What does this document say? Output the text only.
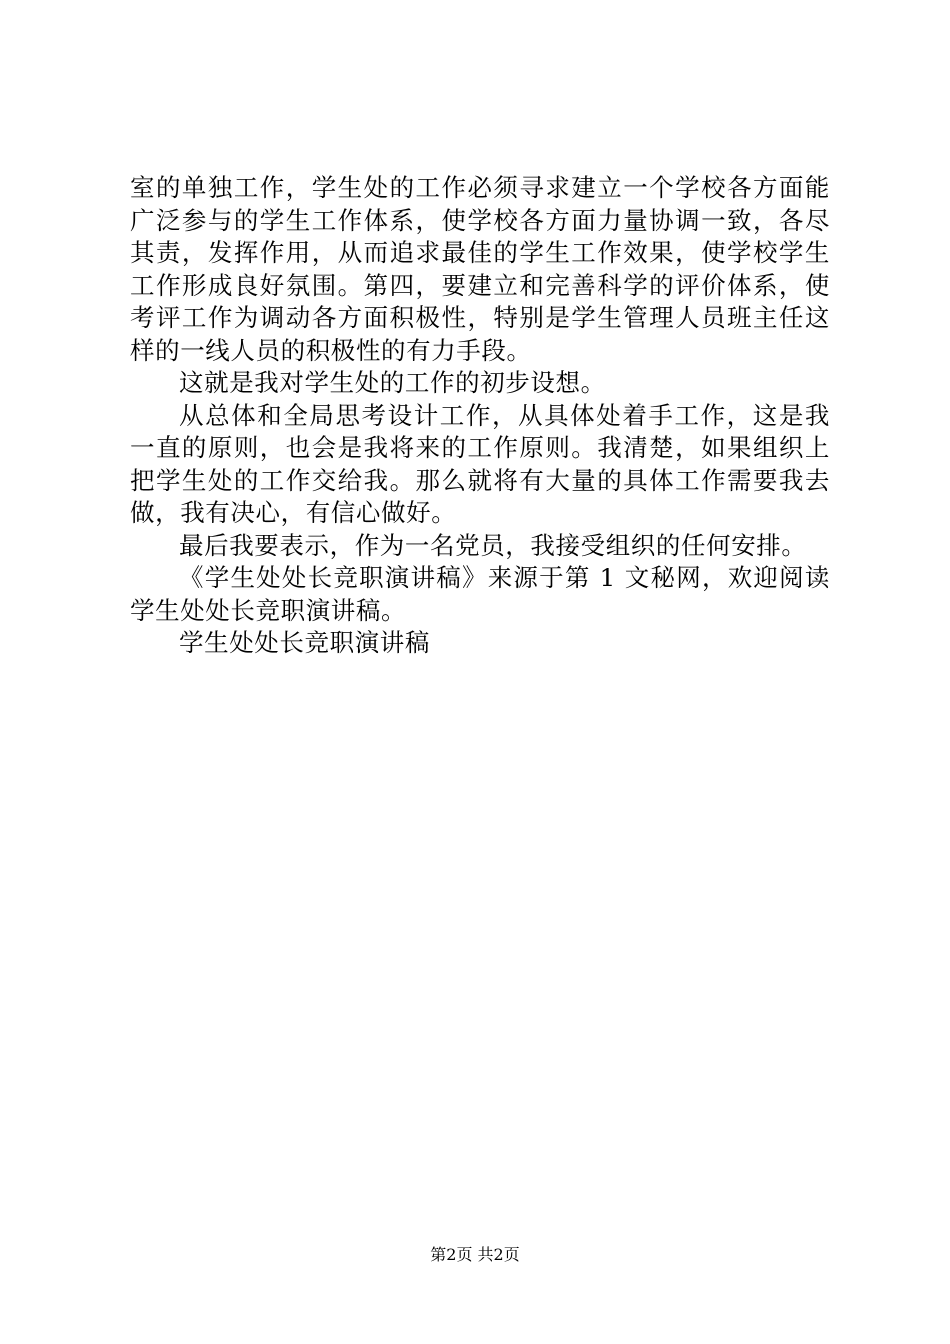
室的单独工作，学生处的工作必须寻求建立一个学校各方面能广泛参与的学生工作体系，使学校各方面力量协调一致，各尽其责，发挥作用，从而追求最佳的学生工作效果，使学校学生工作形成良好氛围。第四，要建立和完善科学的评价体系，使考评工作为调动各方面积极性，特别是学生管理人员班主任这样的一线人员的积极性的有力手段。

这就是我对学生处的工作的初步设想。

从总体和全局思考设计工作，从具体处着手工作，这是我一直的原则，也会是我将来的工作原则。我清楚，如果组织上把学生处的工作交给我。那么就将有大量的具体工作需要我去做，我有决心，有信心做好。

最后我要表示，作为一名党员，我接受组织的任何安排。

《学生处处长竞职演讲稿》来源于第 1 文秘网，欢迎阅读学生处处长竞职演讲稿。

学生处处长竞职演讲稿

第2页 共2页
